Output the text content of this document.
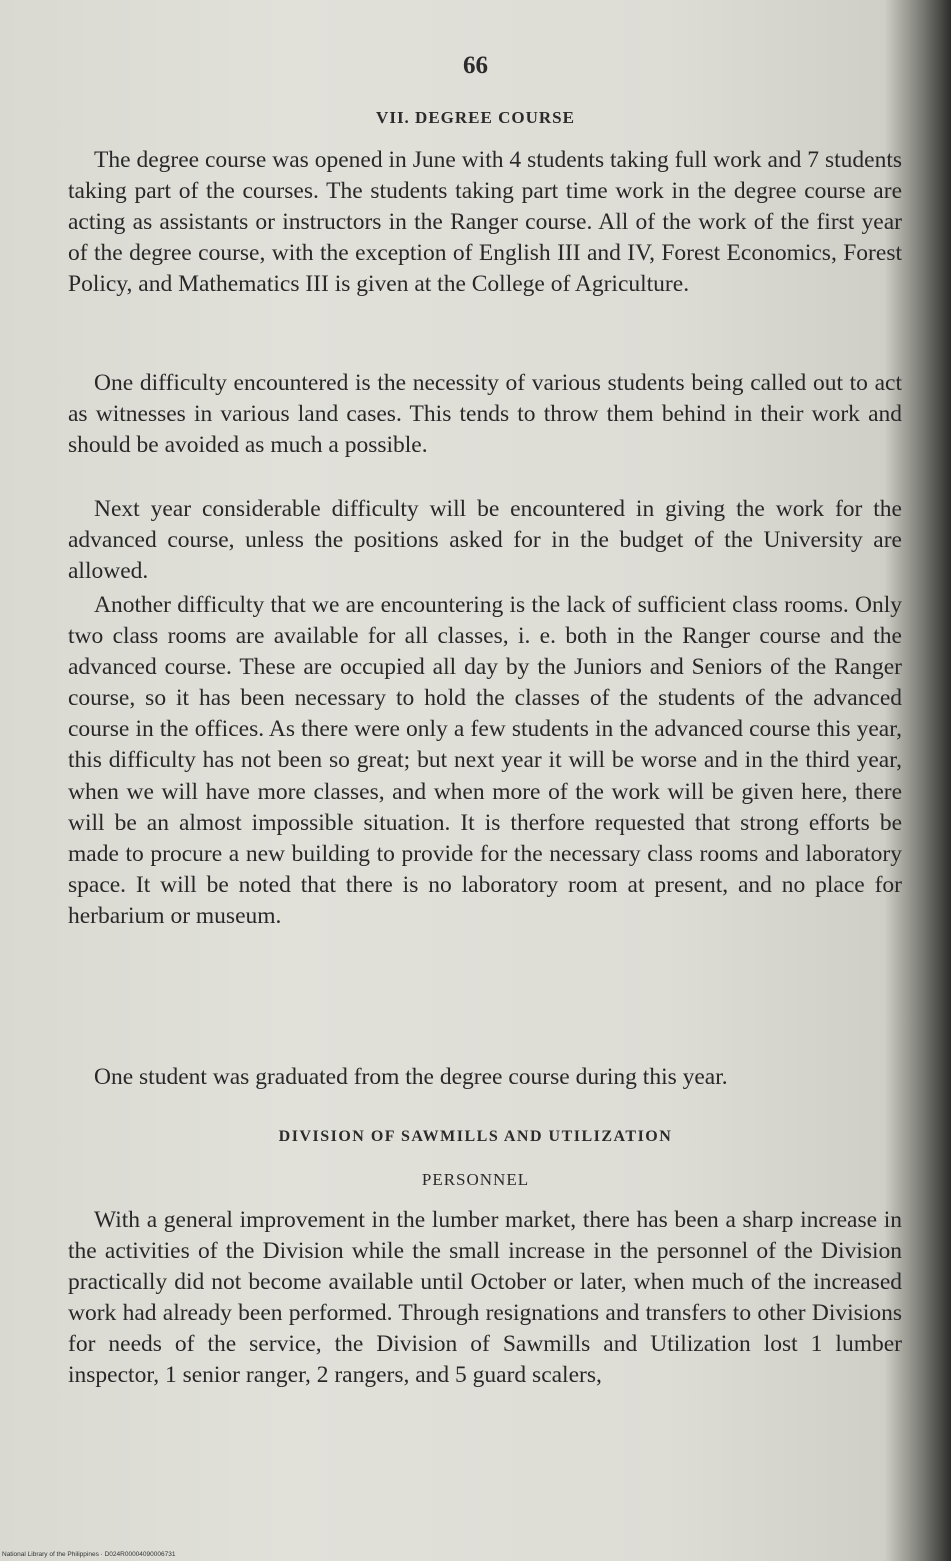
66
VII. DEGREE COURSE

The degree course was opened in June with 4 students taking full work and 7 students taking part of the courses. The students taking part time work in the degree course are acting as assistants or instructors in the Ranger course. All of the work of the first year of the degree course, with the exception of English III and IV, Forest Economics, Forest Policy, and Mathematics III is given at the College of Agriculture.

One difficulty encountered is the necessity of various students being called out to act as witnesses in various land cases. This tends to throw them behind in their work and should be avoided as much a possible.

Next year considerable difficulty will be encountered in giving the work for the advanced course, unless the positions asked for in the budget of the University are allowed.

Another difficulty that we are encountering is the lack of sufficient class rooms. Only two class rooms are available for all classes, i. e. both in the Ranger course and the advanced course. These are occupied all day by the Juniors and Seniors of the Ranger course, so it has been necessary to hold the classes of the students of the advanced course in the offices. As there were only a few students in the advanced course this year, this difficulty has not been so great; but next year it will be worse and in the third year, when we will have more classes, and when more of the work will be given here, there will be an almost impossible situation. It is therfore requested that strong efforts be made to procure a new building to provide for the necessary class rooms and laboratory space. It will be noted that there is no laboratory room at present, and no place for herbarium or museum.

One student was graduated from the degree course during this year.

DIVISION OF SAWMILLS AND UTILIZATION
PERSONNEL

With a general improvement in the lumber market, there has been a sharp increase in the activities of the Division while the small increase in the personnel of the Division practically did not become available until October or later, when much of the increased work had already been performed. Through resignations and transfers to other Divisions for needs of the service, the Division of Sawmills and Utilization lost 1 lumber inspector, 1 senior ranger, 2 rangers, and 5 guard scalers,

National Library of the Philippines · D024R00004090006731
